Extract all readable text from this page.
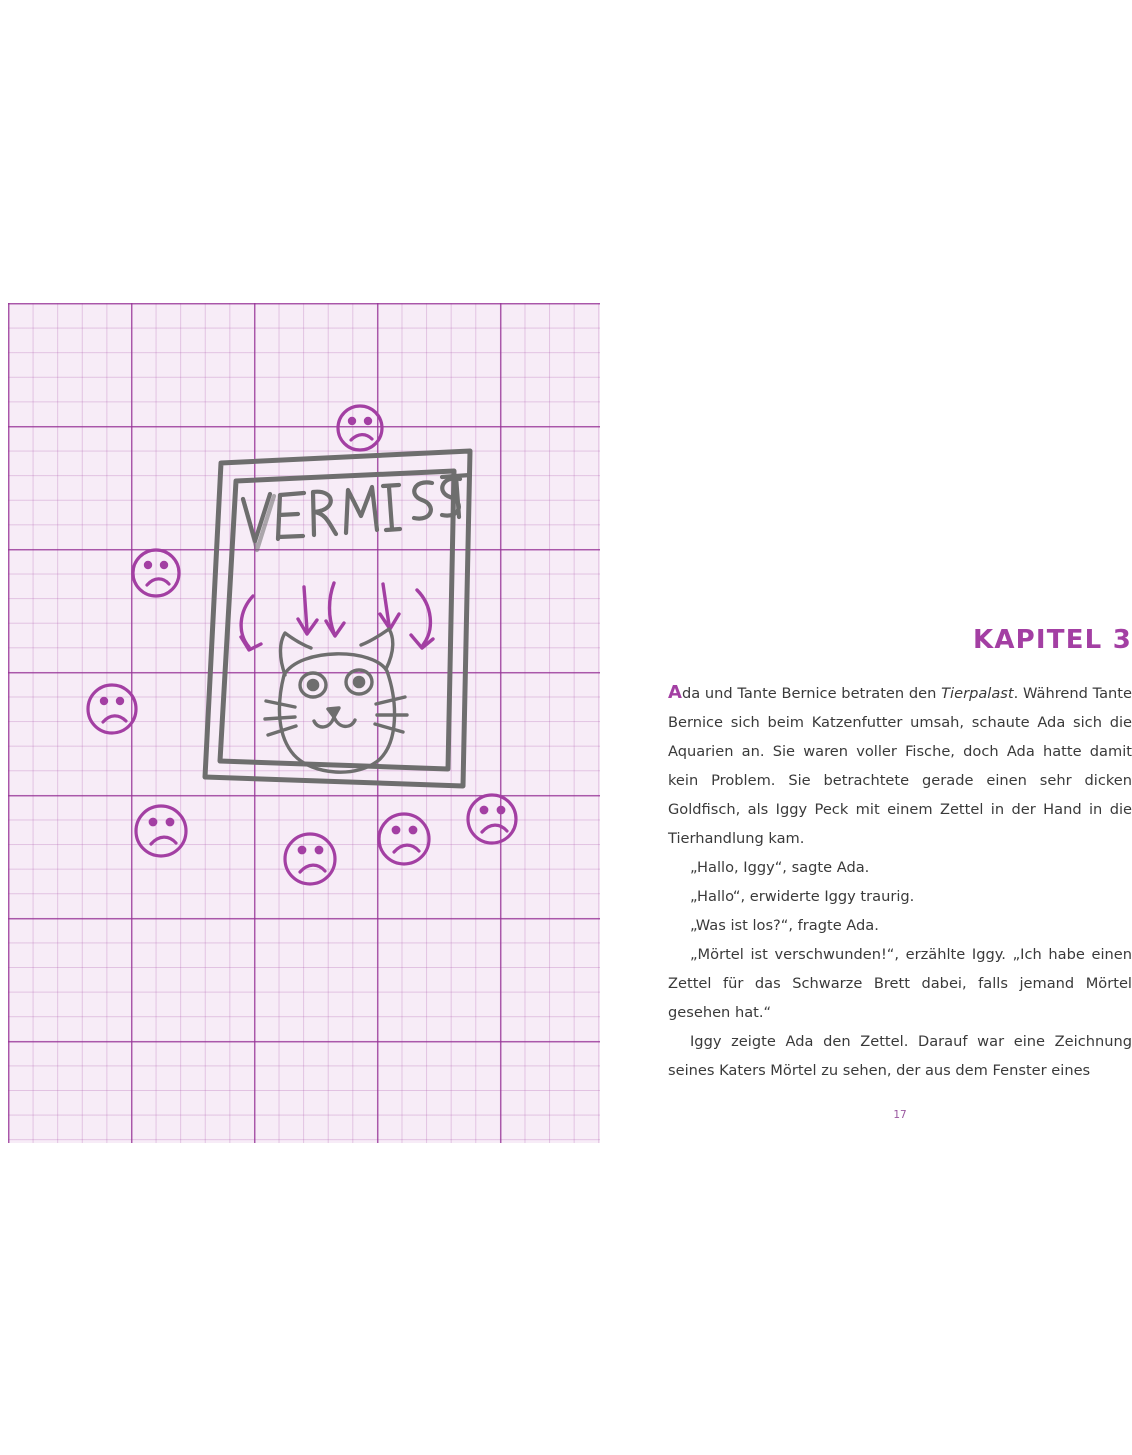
KAPITEL 3

Ada und Tante Bernice betraten den Tierpalast. Während Tante Bernice sich beim Katzenfutter umsah, schaute Ada sich die Aquarien an. Sie waren voller Fische, doch Ada hatte damit kein Problem. Sie betrachtete gerade einen sehr dicken Goldfisch, als Iggy Peck mit einem Zettel in der Hand in die Tierhandlung kam.

„Hallo, Iggy“, sagte Ada.

„Hallo“, erwiderte Iggy traurig.

„Was ist los?“, fragte Ada.

„Mörtel ist verschwunden!“, erzählte Iggy. „Ich habe einen Zettel für das Schwarze Brett dabei, falls jemand Mörtel gesehen hat.“

Iggy zeigte Ada den Zettel. Darauf war eine Zeichnung seines Katers Mörtel zu sehen, der aus dem Fenster eines

17
